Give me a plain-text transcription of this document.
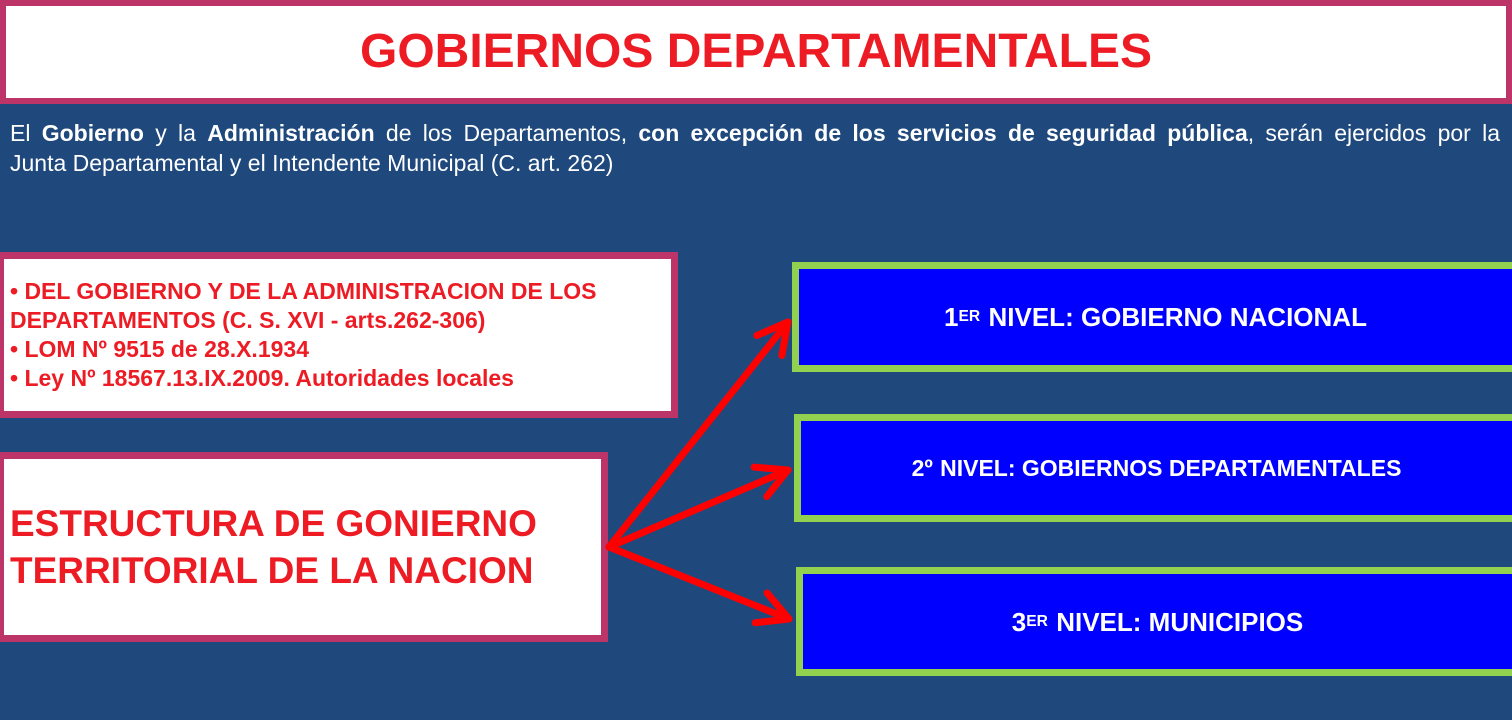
GOBIERNOS DEPARTAMENTALES
El Gobierno y la Administración de los Departamentos, con excepción de los servicios de seguridad pública, serán ejercidos por la
Junta Departamental y el Intendente Municipal (C. art. 262)
• DEL GOBIERNO Y DE LA ADMINISTRACION DE LOS DEPARTAMENTOS (C. S. XVI - arts.262-306)
• LOM Nº 9515 de 28.X.1934
• Ley Nº 18567.13.IX.2009. Autoridades locales
ESTRUCTURA DE GONIERNO TERRITORIAL DE LA NACION
1 ER NIVEL: GOBIERNO NACIONAL
2º NIVEL: GOBIERNOS DEPARTAMENTALES
3 ER NIVEL: MUNICIPIOS
